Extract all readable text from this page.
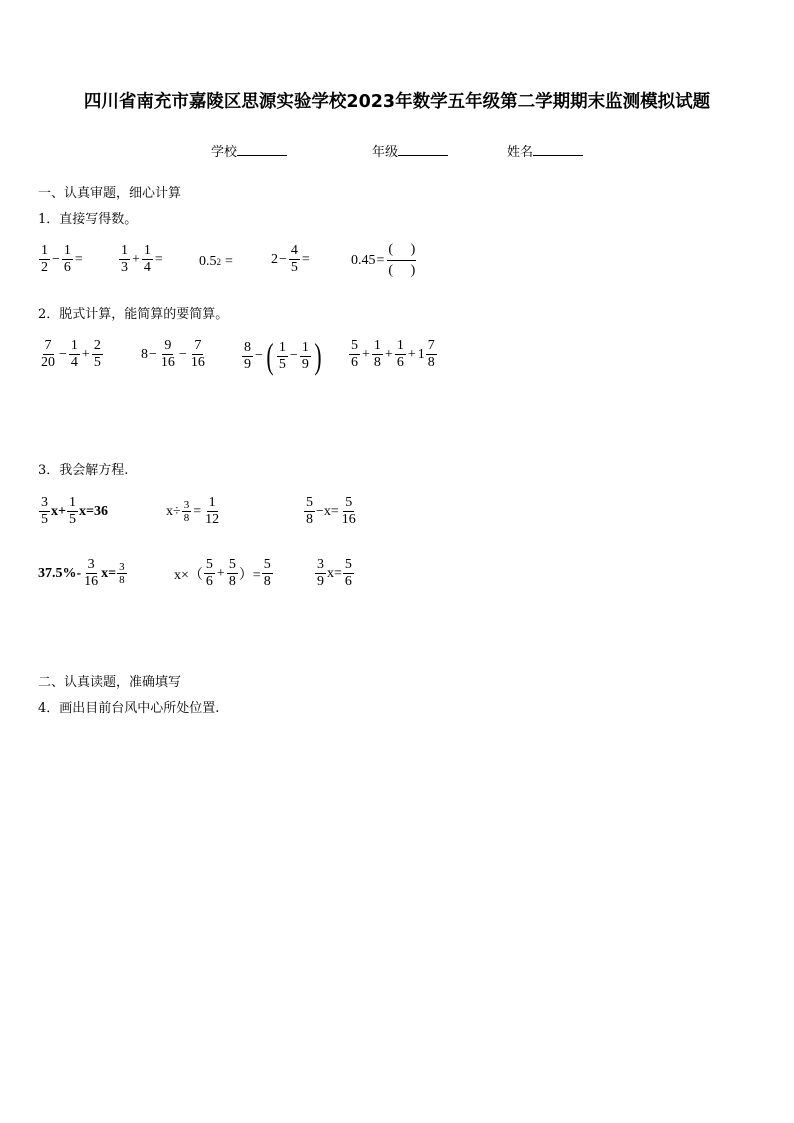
四川省南充市嘉陵区思源实验学校2023年数学五年级第二学期期末监测模拟试题
学校	年级	姓名
一、认真审题，细心计算
1．直接写得数。
$\frac{1}{2} - \frac{1}{6}$ =	$\frac{1}{3} + \frac{1}{4}$ =	0.5 2 =	$2 - \frac{4}{5}$ =	0.45 =
(     )
(     )
2．脱式计算，能简算的要简算。
$\frac{7}{20} - \frac{1}{4} + \frac{2}{5}$	$8 - \frac{9}{16} - \frac{7}{16}$	$\frac{8}{9}$ − ( $\frac{1}{5} - \frac{1}{9}$ ) $\frac{5}{6} + \frac{1}{8} + \frac{1}{6} + 1 \frac{7}{8}$
3．我会解方程.
$\frac{3}{5} x+ \frac{1}{5} x=36$	$x\div \frac{3}{8} = \frac{1}{12}$	$\frac{5}{8} -x= \frac{5}{16}$
$37.5\%- \frac{3}{16} x= \frac{3}{8}$	$x\times( \frac{5}{6} + \frac{5}{8}$ ）= $\frac{5}{8}$	$\frac{3}{9} x= \frac{5}{6}$
二、认真读题，准确填写
4．画出目前台风中心所处位置.
